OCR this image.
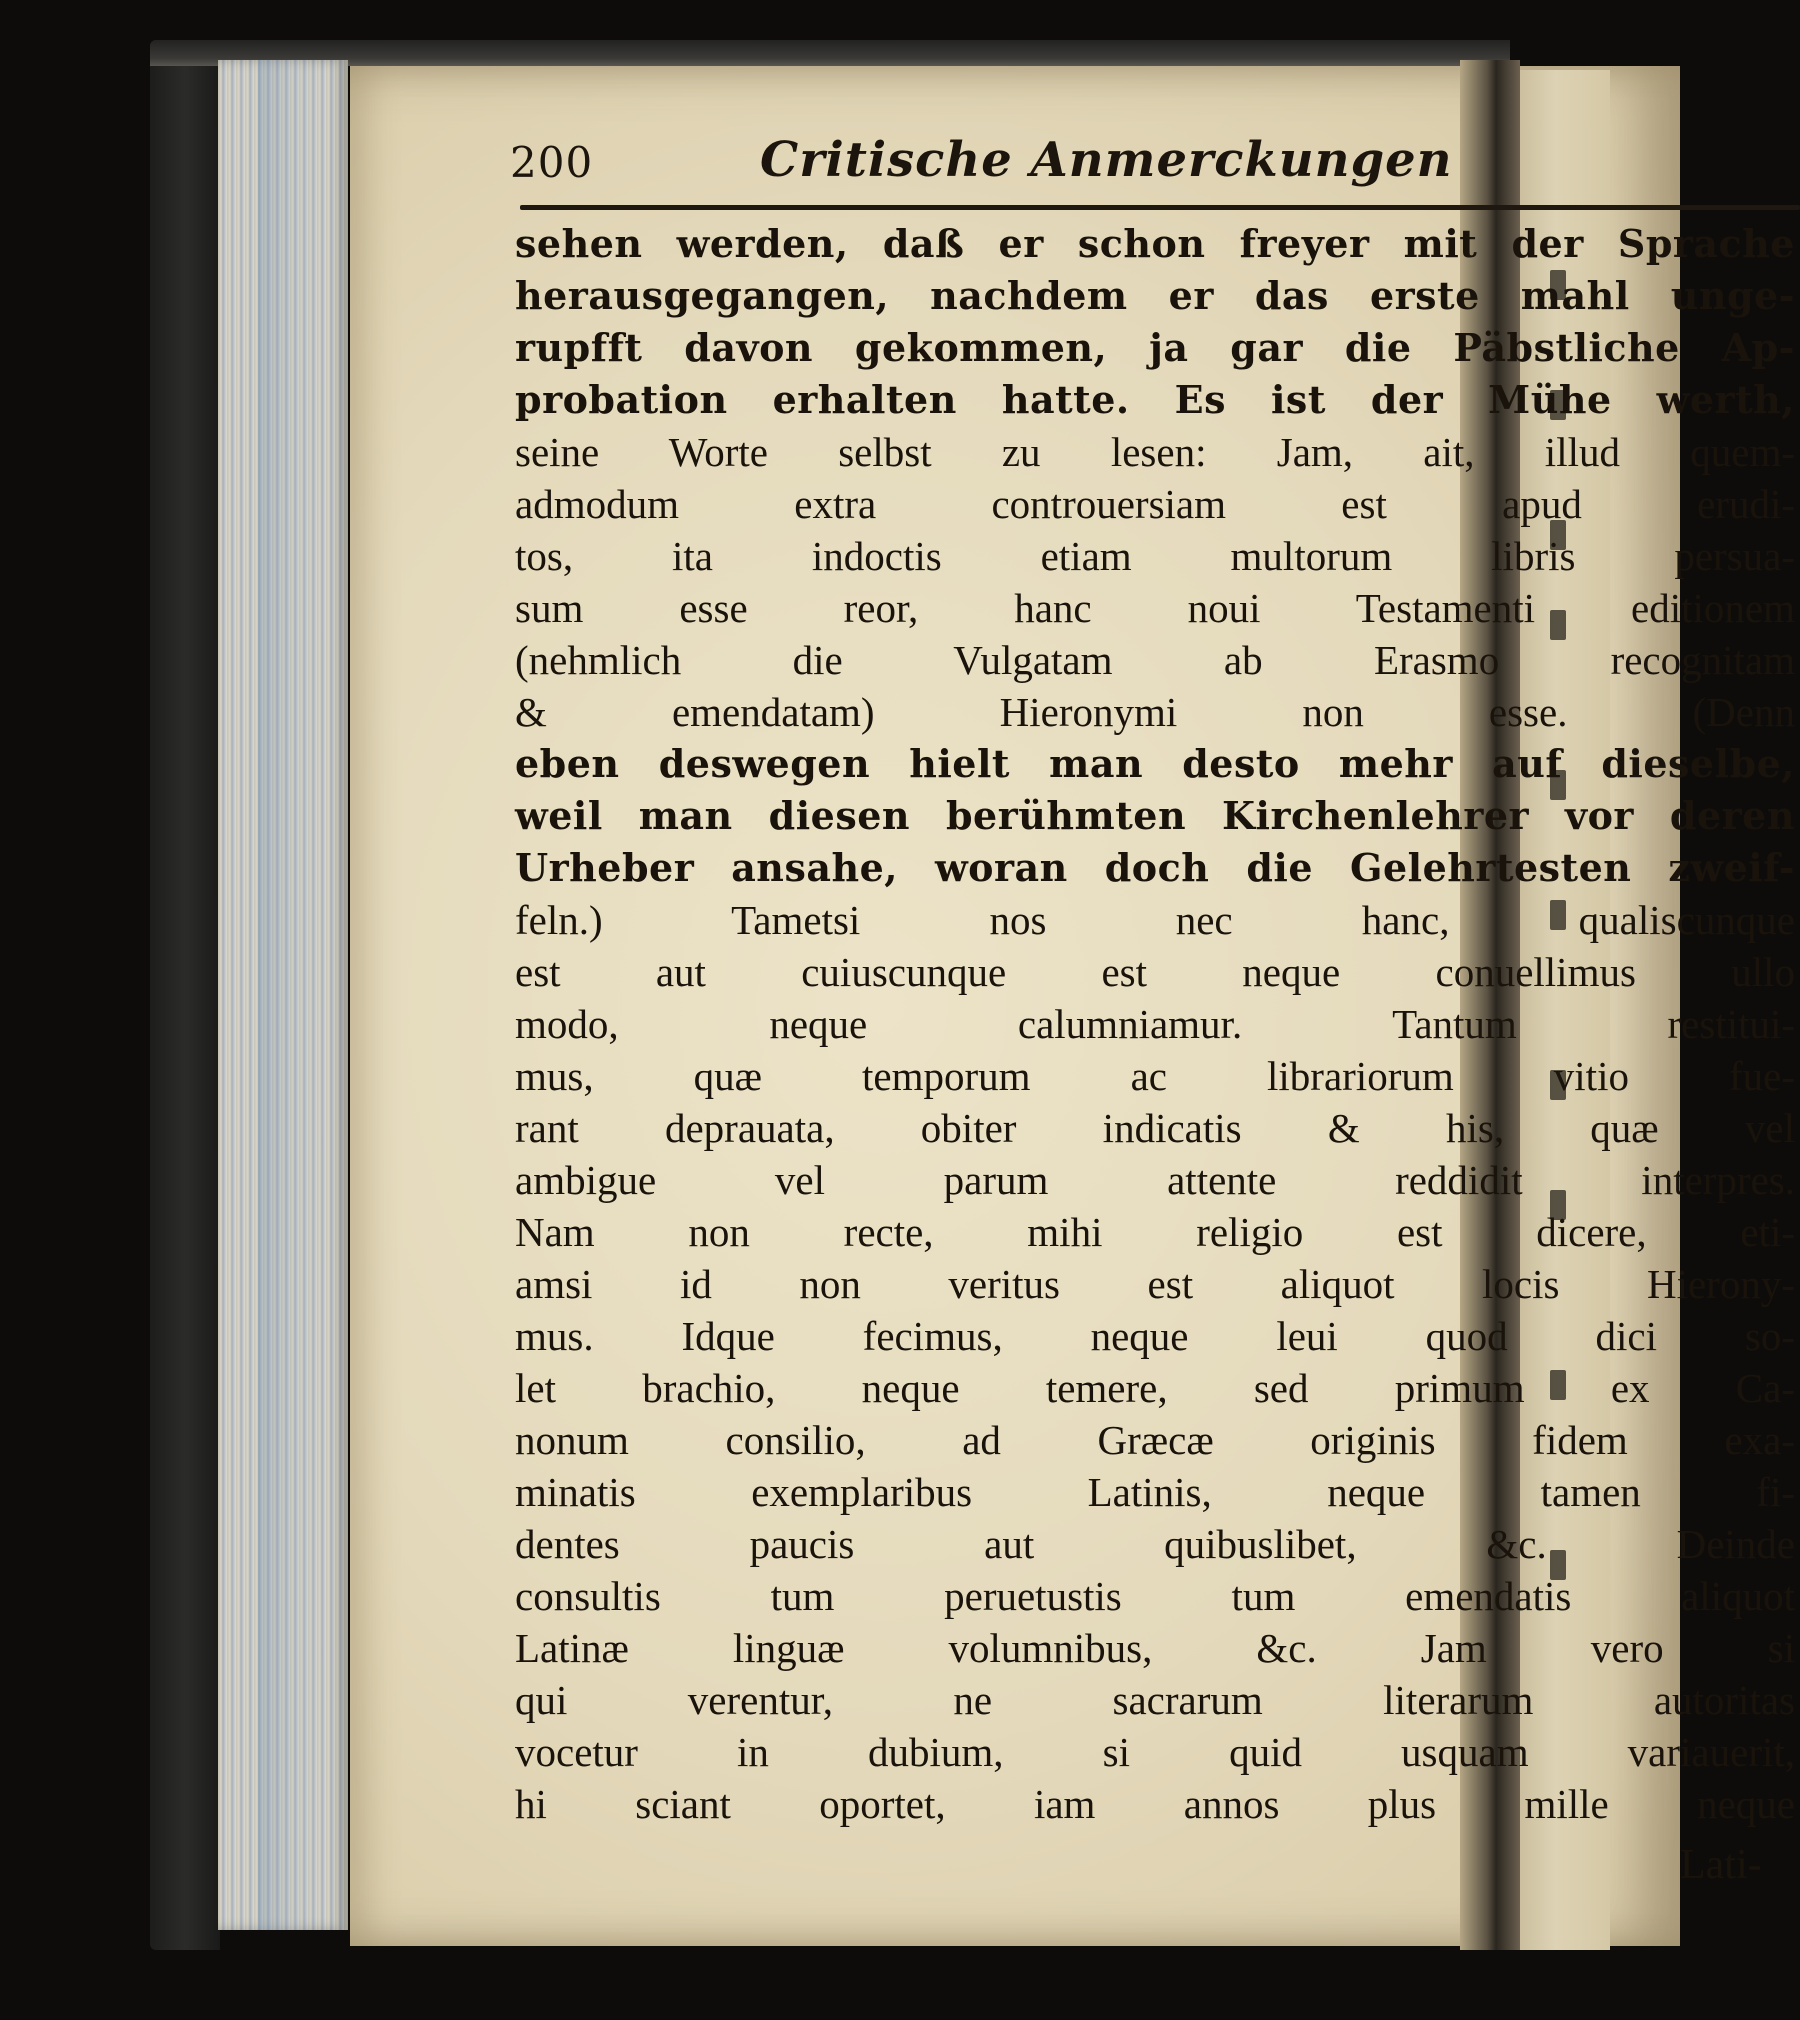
200	Critische Anmerckungen
sehen werden, daß er schon freyer mit der Sprache
herausgegangen, nachdem er das erste mahl unge-
rupfft davon gekommen, ja gar die Päbstliche Ap-
probation erhalten hatte. Es ist der Mühe werth,
seine Worte selbst zu lesen: Jam, ait, illud quem-
admodum extra controuersiam est apud erudi-
tos, ita indoctis etiam multorum libris persua-
sum esse reor, hanc noui Testamenti editionem
(nehmlich die Vulgatam ab Erasmo recognitam
& emendatam) Hieronymi non esse. (Denn
eben deswegen hielt man desto mehr auf dieselbe,
weil man diesen berühmten Kirchenlehrer vor deren
Urheber ansahe, woran doch die Gelehrtesten zweif-
feln.) Tametsi nos nec hanc, qualiscunque
est aut cuiuscunque est neque conuellimus ullo
modo, neque calumniamur. Tantum restitui-
mus, quæ temporum ac librariorum vitio fue-
rant deprauata, obiter indicatis & his, quæ vel
ambigue vel parum attente reddidit interpres.
Nam non recte, mihi religio est dicere, eti-
amsi id non veritus est aliquot locis Hierony-
mus. Idque fecimus, neque leui quod dici so-
let brachio, neque temere, sed primum ex Ca-
nonum consilio, ad Græcæ originis fidem exa-
minatis exemplaribus Latinis, neque tamen fi-
dentes paucis aut quibuslibet, &c. Deinde
consultis tum peruetustis tum emendatis aliquot
Latinæ linguæ volumnibus, &c. Jam vero si
qui verentur, ne sacrarum literarum autoritas
vocetur in dubium, si quid usquam variauerit,
hi sciant oportet, iam annos plus mille neque
Lati-
